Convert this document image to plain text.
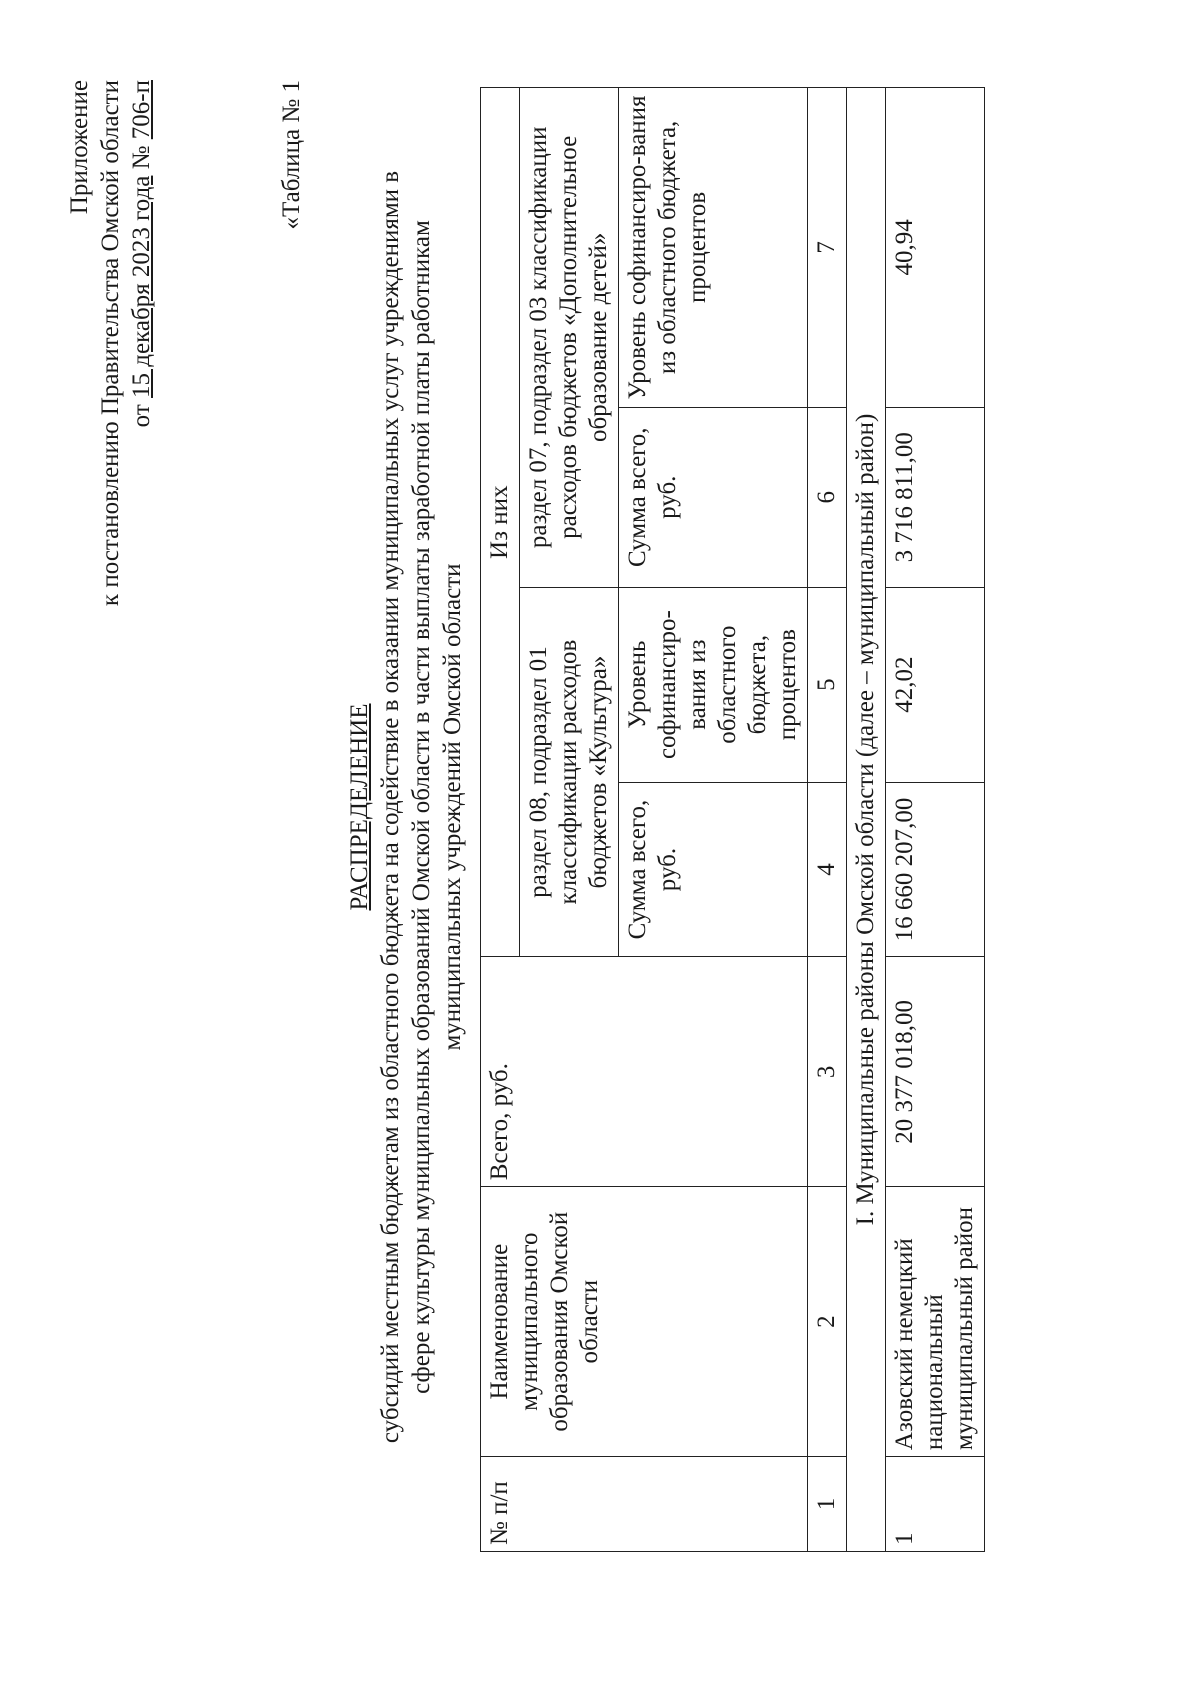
Приложение к постановлению Правительства Омской области от 15 декабря 2023 года № 706-п	«Таблица № 1
РАСПРЕДЕЛЕНИЕ субсидий местным бюджетам из областного бюджета на содействие в оказании муниципальных услуг учреждениями в сфере культуры муниципальных образований Омской области в части выплаты заработной платы работникам муниципальных учреждений Омской области
№ п/п	Наименование муниципального образования Омской области	Всего, руб.	Из них			
			раздел 08, подраздел 01 классификации расходов бюджетов «Культура»		раздел 07, подраздел 03 классификации расходов бюджетов «Дополнительное образование детей»	
			Сумма всего, руб.	Уровень софинансиро-вания из областного бюджета, процентов	Сумма всего, руб.	Уровень софинансиро-вания из областного бюджета, процентов
1	2	3	4	5	6	7
I. Муниципальные районы Омской области (далее – муниципальный район)						
1	Азовский немецкий национальный муниципальный район	20 377 018,00	16 660 207,00	42,02	3 716 811,00	40,94
